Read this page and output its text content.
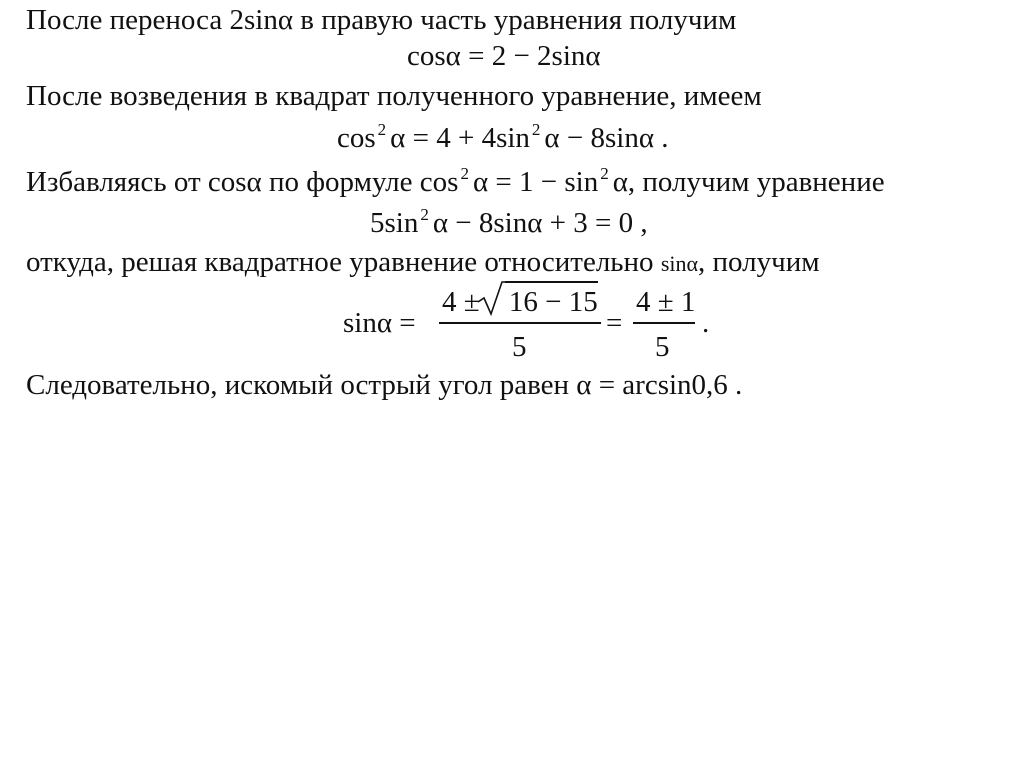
После переноса 2sinα в правую часть уравнения получим
cosα = 2 − 2sinα
После возведения в квадрат полученного уравнение, имеем
cos $^2$ α = 4 + 4sin $^2$ α − 8sinα .
Избавляясь от cosα по формуле cos $^2$ α = 1 − sin $^2$ α, получим уравнение
5sin $^2$ α − 8sinα + 3 = 0 ,
откуда, решая квадратное уравнение относительно sinα, получим
sinα =
4 ± 16 − 15
5
=
4 ± 1
5
.
Следовательно, искомый острый угол равен α = arcsin0,6 .
